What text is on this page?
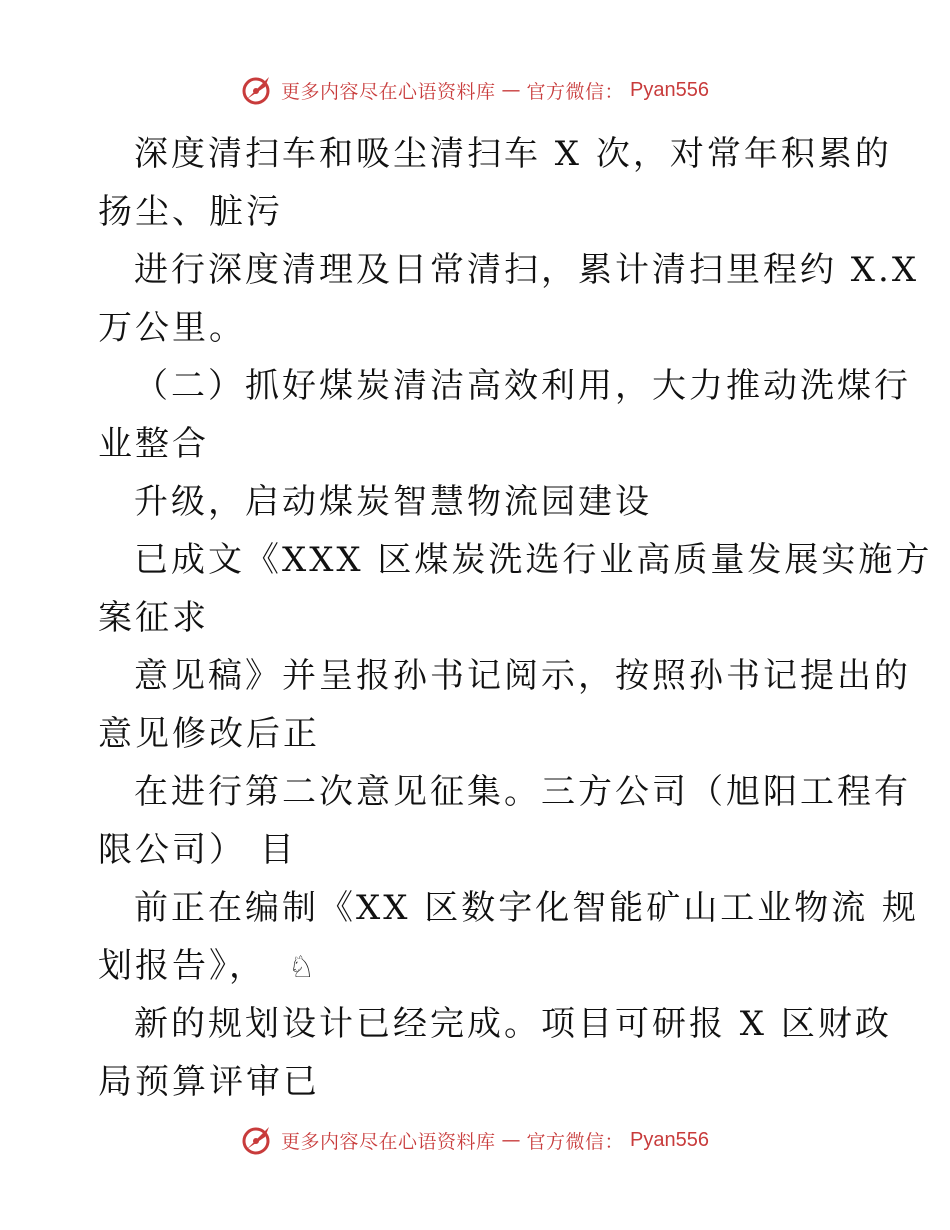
更多内容尽在心语资料库 — 官方微信： Pyan556
深度清扫车和吸尘清扫车 X 次，对常年积累的
扬尘、脏污
进行深度清理及日常清扫，累计清扫里程约 X.X
万公里。
（二）抓好煤炭清洁高效利用，大力推动洗煤行
业整合
升级，启动煤炭智慧物流园建设
已成文《XXX 区煤炭洗选行业高质量发展实施方
案征求
意见稿》并呈报孙书记阅示，按照孙书记提出的
意见修改后正
在进行第二次意见征集。三方公司（旭阳工程有
限公司） 目
前正在编制《XX 区数字化智能矿山工业物流 规
划报告》， ♘
新的规划设计已经完成。项目可研报 X 区财政
局预算评审已
更多内容尽在心语资料库 — 官方微信： Pyan556
